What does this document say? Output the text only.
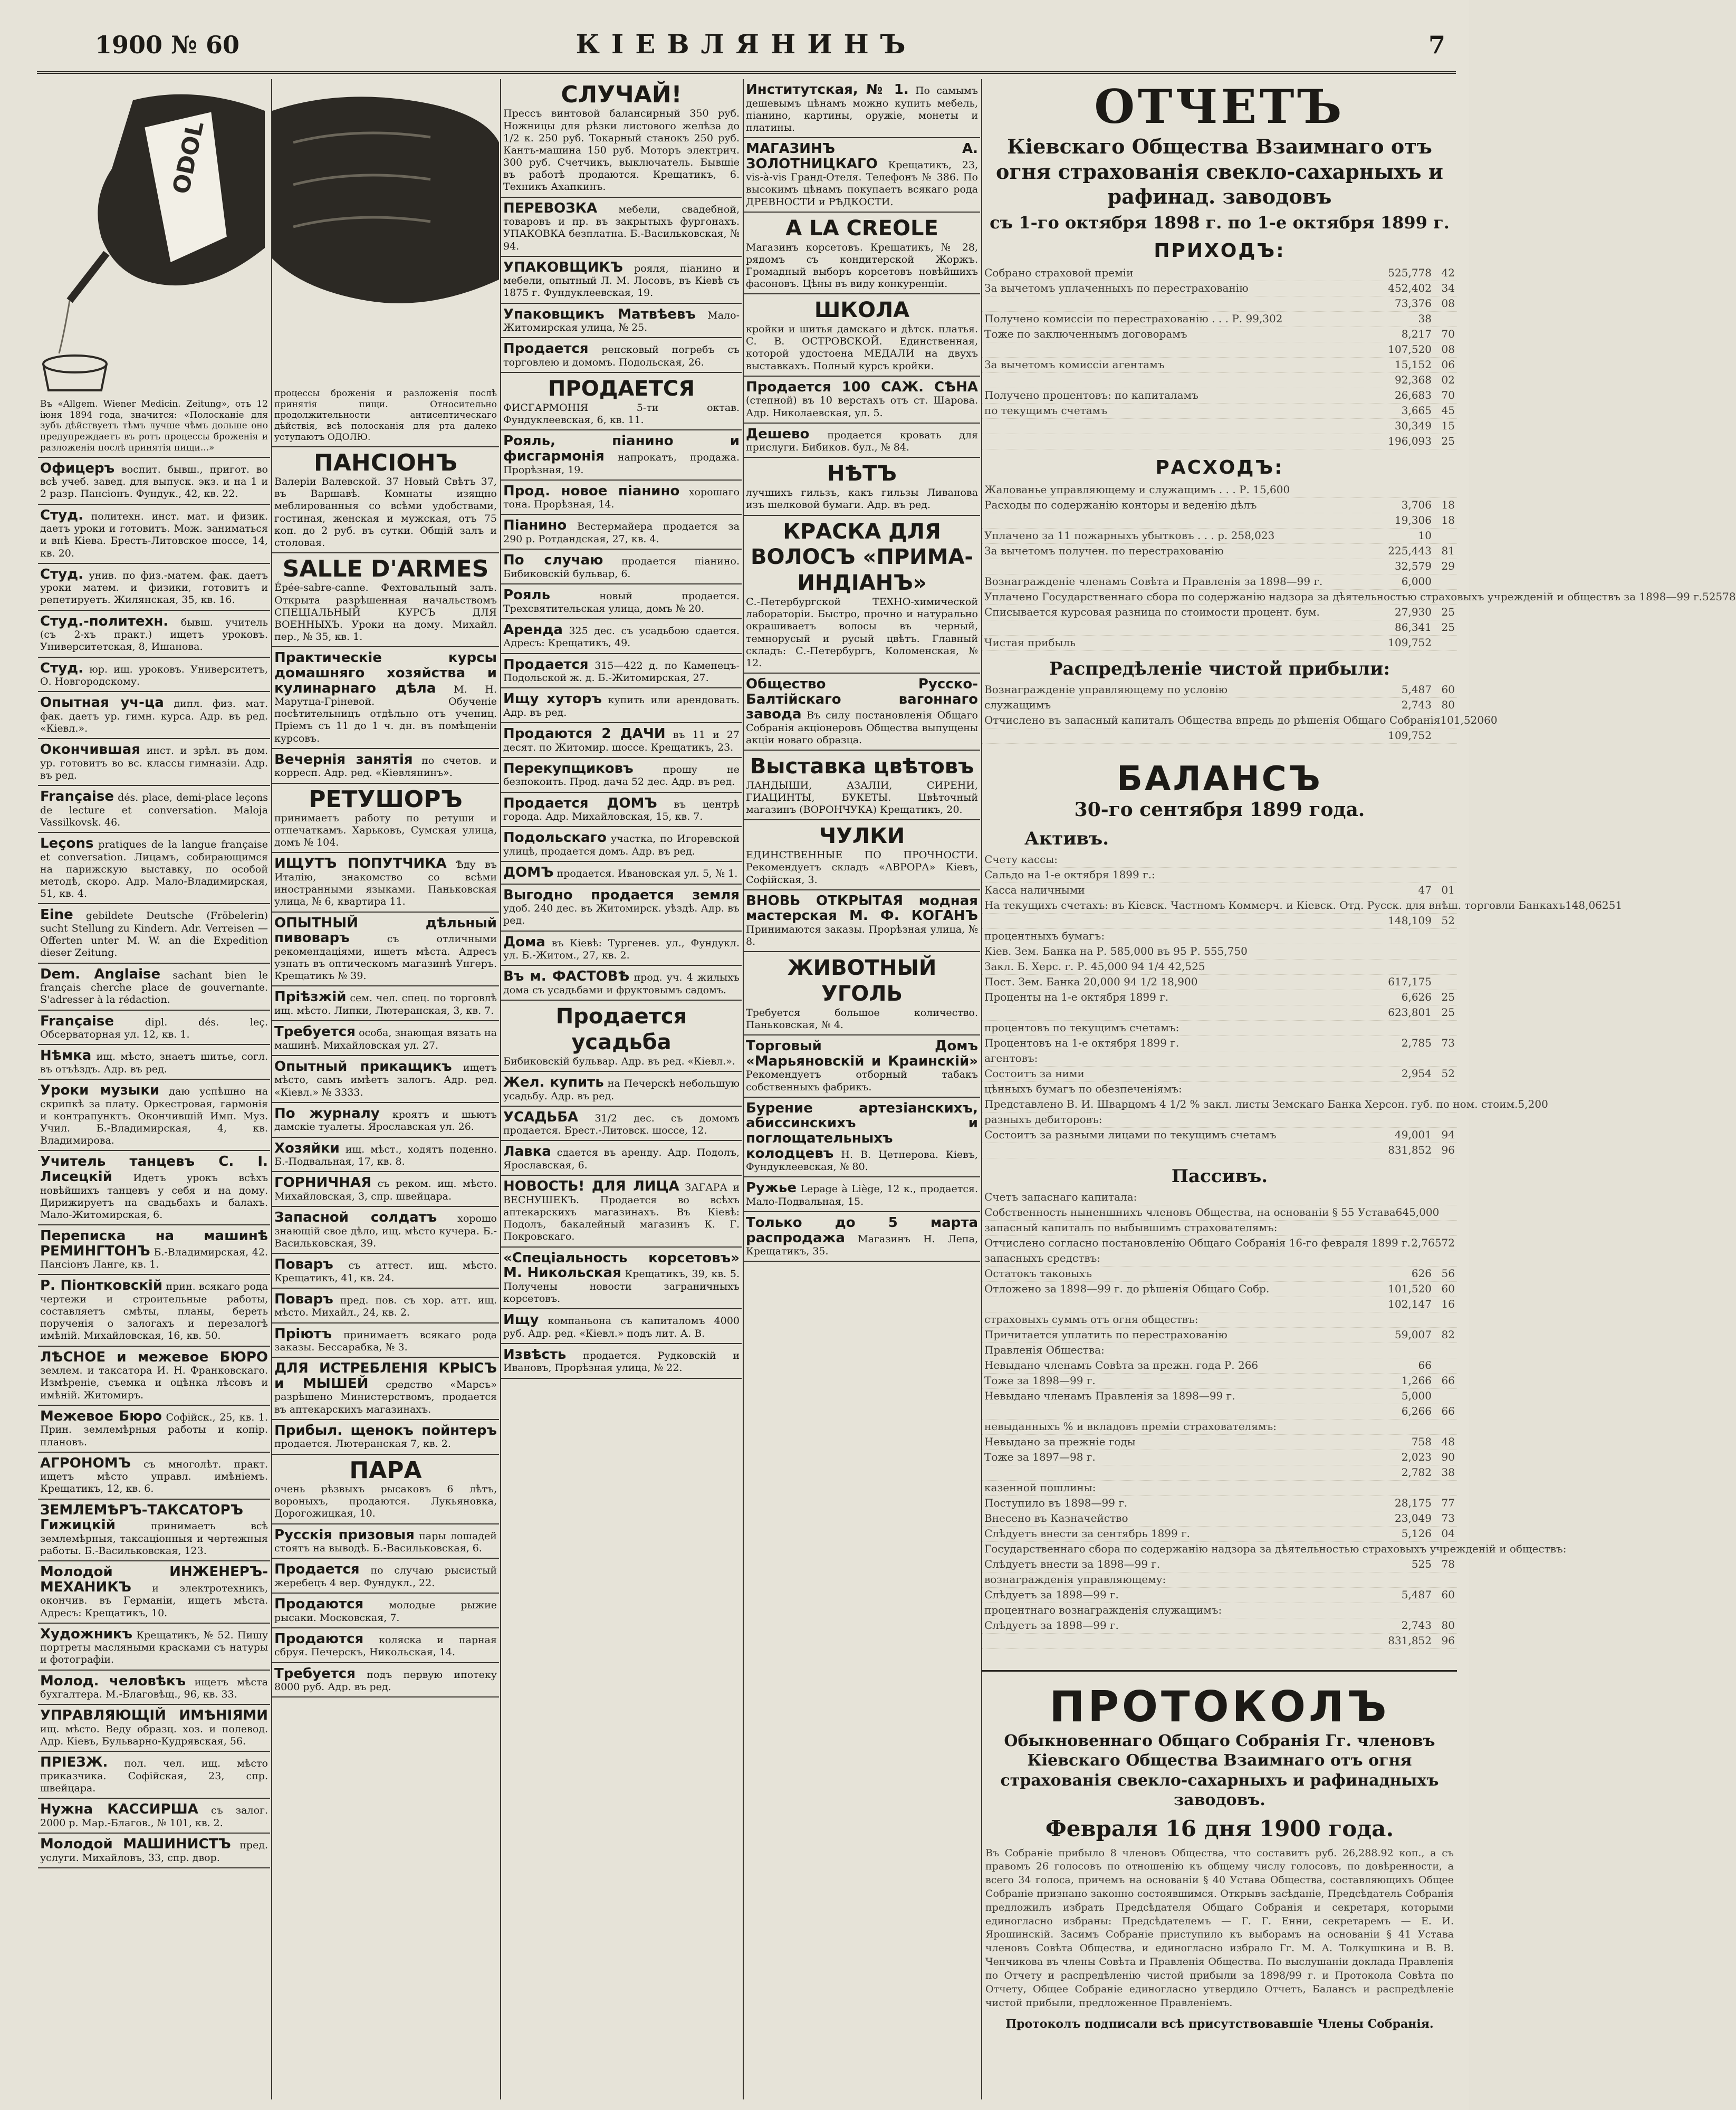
1900 № 60	КIЕВЛЯНИНЪ	7
ODOL
Въ «Allgem. Wiener Medicin. Zeitung», отъ 12 iюня 1894 года, значится: «Полосканiе для зубъ дѣйствуетъ тѣмъ лучше чѣмъ дольше оно предупреждаетъ въ ротъ процессы броженiя и разложенiя послѣ принятiя пищи...»
Офицеръ воспит. бывш., пригот. во всѣ учеб. завед. для выпуск. экз. и на 1 и 2 разр. Пансiонъ. Фундук., 42, кв. 22.
Студ. политехн. инст. мат. и физик. даетъ уроки и готовитъ. Мож. заниматься и внѣ Кiева. Брестъ-Литовское шоссе, 14, кв. 20.
Студ. унив. по физ.-матем. фак. даетъ уроки матем. и физики, готовитъ и репетируетъ. Жилянская, 35, кв. 16.
Студ.-политехн. бывш. учитель (съ 2-хъ практ.) ищетъ уроковъ. Университетская, 8, Ишанова.
Студ. юр. ищ. уроковъ. Университетъ, О. Новгородскому.
Опытная уч-ца дипл. физ. мат. фак. даетъ ур. гимн. курса. Адр. въ ред. «Кiевл.».
Окончившая инст. и зрѣл. въ дом. ур. готовитъ во вс. классы гимназiи. Адр. въ ред.
Française dés. place, demi-place leçons de lecture et conversation. Maloja Vassilkovsk. 46.
Leçons pratiques de la langue française et conversation. Лицамъ, собирающимся на парижскую выставку, по особой методѣ, скоро. Адр. Мало-Владимирская, 51, кв. 4.
Eine gebildete Deutsche (Fröbelerin) sucht Stellung zu Kindern. Adr. Verreisen — Offerten unter M. W. an die Expedition dieser Zeitung.
Dem. Anglaise sachant bien le français cherche place de gouvernante. S'adresser à la rédaction.
Française	dipl. dés. leç. Обсерваторная ул. 12, кв. 1.
Нѣмка ищ. мѣсто, знаетъ шитье, согл. въ отъѣздъ. Адр. въ ред.
Уроки музыки даю успѣшно на скрипкѣ за плату. Оркестровая, гармонiя и контрапунктъ. Окончившiй Имп. Муз. Учил. Б.-Владимирская, 4, кв. Владимирова.
Учитель танцевъ С. I. Лисецкiй Идетъ урокъ всѣхъ новѣйшихъ танцевъ у себя и на дому. Дирижируетъ на свадьбахъ и балахъ. Мало-Житомирская, 6.
Переписка на машинѣ РЕМИНГТОНЪ Б.-Владимирская, 42. Пансiонъ Ланге, кв. 1.
Р. Пiонтковскiй прин. всякаго рода чертежи и строительные работы, составляетъ смѣты, планы, береть порученiя о залогахъ и перезалогѣ имѣнiй. Михайловская, 16, кв. 50.
ЛѢСНОЕ и межевое БЮРО землем. и таксатора И. Н. Франковскаго. Измѣренiе, съемка и оцѣнка лѣсовъ и имѣнiй. Житомиръ.
Межевое Бюро Софiйск., 25, кв. 1. Прин. землемѣрныя работы и копiр. плановъ.
АГРОНОМЪ съ многолѣт. практ. ищетъ мѣсто управл. имѣнiемъ. Крещатикъ, 12, кв. 6.
ЗЕМЛЕМѢРЪ-ТАКСАТОРЪ Гижицкiй	принимаетъ всѣ землемѣрныя, таксацiонныя и чертежныя работы. Б.-Васильковская, 123.
Молодой ИНЖЕНЕРЪ-МЕХАНИКЪ и электротехникъ, окончив. въ Германiи, ищетъ мѣста. Адресъ: Крещатикъ, 10.
Художникъ Крещатикъ, № 52. Пишу портреты масляными красками съ натуры и фотографiи.
Молод. человѣкъ ищетъ мѣста бухгалтера. М.-Благовѣщ., 96, кв. 33.
УПРАВЛЯЮЩIЙ ИМѢНIЯМИ ищ. мѣсто. Веду образц. хоз. и полевод. Адр. Кiевъ, Бульварно-Кудрявская, 56.
ПРIЕЗЖ. пол. чел. ищ. мѣсто приказчика. Софiйская, 23, спр. швейцара.
Нужна КАССИРША съ залог. 2000 р. Мар.-Благов., № 101, кв. 2.
Молодой МАШИНИСТЪ пред. услуги. Михайловъ, 33, спр. двор.
процессы броженiя и разложенiя послѣ принятiя пищи. Относительно продолжительности антисептическаго дѣйствiя, всѣ полосканiя для рта далеко уступаютъ ОДОЛЮ.
ПАНСIОНЪ
Валерiи Валевской. 37 Новый Свѣтъ 37, въ Варшавѣ. Комнаты изящно меблированныя со всѣми удобствами, гостиная, женская и мужская, отъ 75 коп. до 2 руб. въ сутки. Общiй залъ и столовая.
SALLE D'ARMES
Épée-sabre-canne. Фехтовальный залъ. Открыта разрѣшенная начальствомъ СПЕЦIАЛЬНЫЙ КУРСЪ ДЛЯ ВОЕННЫХЪ. Уроки на дому. Михайл. пер., № 35, кв. 1.
Практическiе курсы домашняго хозяйства и кулинарнаго дѣла М. Н. Марутца-Грiневой. Обученiе посѣтительницъ отдѣльно отъ учениц. Прiемъ съ 11 до 1 ч. дн. въ помѣщенiи курсовъ.
Вечернiя занятiя по счетов. и корресп. Адр. ред. «Кiевлянинъ».
РЕТУШОРЪ
принимаетъ работу по ретуши и отпечаткамъ. Харьковъ, Сумская улица, домъ № 104.
ИЩУТЪ ПОПУТЧИКА Ѣду въ Италiю, знакомство со всѣми иностранными языками. Паньковская улица, № 6, квартира 11.
ОПЫТНЫЙ дѣльный пивоваръ	съ отличными рекомендацiями, ищетъ мѣста. Адресъ узнать въ оптическомъ магазинѣ Унгеръ. Крещатикъ № 39.
Прiѣзжiй сем. чел. спец. по торговлѣ ищ. мѣсто. Липки, Лютеранская, 3, кв. 7.
Требуется особа, знающая вязать на машинѣ. Михайловская ул. 27.
Опытный прикащикъ ищетъ мѣсто, самъ имѣетъ залогъ. Адр. ред. «Кiевл.» № 3333.
По журналу кроятъ и шьютъ дамскiе туалеты. Ярославская ул. 26.
Хозяйки ищ. мѣст., ходятъ поденно. Б.-Подвальная, 17, кв. 8.
ГОРНИЧНАЯ съ реком. ищ. мѣсто. Михайловская, 3, спр. швейцара.
Запасной солдатъ хорошо знающiй свое дѣло, ищ. мѣсто кучера. Б.-Васильковская, 39.
Поваръ съ аттест. ищ. мѣсто. Крещатикъ, 41, кв. 24.
Поваръ пред. пов. съ хор. атт. ищ. мѣсто. Михайл., 24, кв. 2.
Прiютъ принимаетъ всякаго рода заказы. Бессарабка, № 3.
ДЛЯ ИСТРЕБЛЕНIЯ КРЫСЪ и МЫШЕЙ средство «Марсъ» разрѣшено Министерствомъ, продается въ аптекарскихъ магазинахъ.
Прибыл. щенокъ пойнтеръ продается. Лютеранская 7, кв. 2.
ПАРА
очень рѣзвыхъ рысаковъ 6 лѣтъ, вороныхъ, продаются. Лукьяновка, Дорогожицкая, 10.
Русскiя призовыя пары лошадей стоятъ на выводѣ. Б.-Васильковская, 6.
Продается по случаю рысистый жеребецъ 4 вер. Фундукл., 22.
Продаются	молодые рыжие рысаки. Московская, 7.
Продаются коляска и парная сбруя. Печерскъ, Никольская, 14.
Требуется подъ первую ипотеку 8000 руб. Адр. въ ред.
СЛУЧАЙ!
Прессъ винтовой балансирный 350 руб. Ножницы для рѣзки листового желѣза до 1/2 к. 250 руб. Токарный станокъ 250 руб. Кантъ-машина 150 руб. Моторъ электрич. 300 руб. Счетчикъ, выключатель. Бывшiе въ работѣ продаются. Крещатикъ, 6. Техникъ Ахапкинъ.
ПЕРЕВОЗКА мебели, свадебной, товаровъ и пр. въ закрытыхъ фургонахъ. УПАКОВКА безплатна. Б.-Васильковская, № 94.
УПАКОВЩИКЪ рояля, пiанино и мебели, опытный Л. М. Лосовъ, въ Кiевѣ съ 1875 г. Фундуклеевская, 19.
Упаковщикъ Матвѣевъ Мало-Житомирская улица, № 25.
Продается ренсковый погребъ съ торговлею и домомъ. Подольская, 26.
ПРОДАЕТСЯ
ФИСГАРМОНIЯ 5-ти октав. Фундуклеевская, 6, кв. 11.
Рояль, пiанино и фисгармонiя напрокатъ, продажа. Прорѣзная, 19.
Прод. новое пiанино хорошаго тона. Прорѣзная, 14.
Пiанино Вестермайера продается за 290 р. Ротдандская, 27, кв. 4.
По случаю продается пiанино. Бибиковскiй бульвар, 6.
Рояль	новый продается. Трехсвятительская улица, домъ № 20.
Аренда 325 дес. съ усадьбою сдается. Адресъ: Крещатикъ, 49.
Продается 315—422 д. по Каменецъ-Подольской ж. д. Б.-Житомирская, 27.
Ищу хуторъ купить или арендовать. Адр. въ ред.
Продаются 2 ДАЧИ въ 11 и 27 десят. по Житомир. шоссе. Крещатикъ, 23.
Перекупщиковъ	прошу не безпокоить. Прод. дача 52 дес. Адр. въ ред.
Продается ДОМЪ въ центрѣ города. Адр. Михайловская, 15, кв. 7.
Подольскаго участка, по Игоревской улицѣ, продается домъ. Адр. въ ред.
ДОМЪ продается. Ивановская ул. 5, № 1.
Выгодно продается земля удоб. 240 дес. въ Житомирск. уѣздѣ. Адр. въ ред.
Дома въ Кiевѣ: Тургенев. ул., Фундукл. ул. Б.-Житом., 27, кв. 2.
Въ м. ФАСТОВѢ прод. уч. 4 жилыхъ дома съ усадьбами и фруктовымъ садомъ.
Продается усадьба
Бибиковскiй бульвар. Адр. въ ред. «Кiевл.».
Жел. купить на Печерскѣ небольшую усадьбу. Адр. въ ред.
УСАДЬБА 31/2 дес. съ домомъ продается. Брест.-Литовск. шоссе, 12.
Лавка сдается въ аренду. Адр. Подолъ, Ярославская, 6.
НОВОСТЬ! ДЛЯ ЛИЦА ЗАГАРА и ВЕСНУШЕКЪ. Продается во всѣхъ аптекарскихъ магазинахъ. Въ Кiевѣ: Подолъ, бакалейный магазинъ К. Г. Покровскаго.
«Спецiальность корсетовъ» М. Никольская Крещатикъ, 39, кв. 5. Получены новости заграничныхъ корсетовъ.
Ищу компаньона съ капиталомъ 4000 руб. Адр. ред. «Кiевл.» подъ лит. А. В.
Извѣсть продается. Рудковскiй и Ивановъ, Прорѣзная улица, № 22.
Институтская, № 1. По самымъ дешевымъ цѣнамъ можно купить мебель, пiанино, картины, оружiе, монеты и платины.
МАГАЗИНЪ А. ЗОЛОТНИЦКАГО Крещатикъ, 23, vis-à-vis Гранд-Отеля. Телефонъ № 386. По высокимъ цѣнамъ покупаетъ всякаго рода ДРЕВНОСТИ и РѢДКОСТИ.
A LA CREOLE
Магазинъ корсетовъ. Крещатикъ, № 28, рядомъ съ кондитерской Жоржъ. Громадный выборъ корсетовъ новѣйшихъ фасоновъ. Цѣны въ виду конкуренцiи.
ШКОЛА
кройки и шитья дамскаго и дѣтск. платья. С. В. ОСТРОВСКОЙ. Единственная, которой удостоена МЕДАЛИ на двухъ выставкахъ. Полный курсъ кройки.
Продается 100 САЖ. СѢНА (степной) въ 10 верстахъ отъ ст. Шарова. Адр. Николаевская, ул. 5.
Дешево продается кровать для прислуги. Бибиков. бул., № 84.
НѢТЪ
лучшихъ гильзъ, какъ гильзы Ливанова изъ шелковой бумаги. Адр. въ ред.
КРАСКА ДЛЯ ВОЛОСЪ «ПРИМА-ИНДIАНЪ»
С.-Петербургской ТЕХНО-химической лабораторiи. Быстро, прочно и натурально окрашиваетъ волосы въ черный, темнорусый и русый цвѣтъ. Главный складъ: С.-Петербургъ, Коломенская, № 12.
Общество Русско-Балтiйскаго вагоннаго завода Въ силу постановленiя Общаго Собранiя акцiонеровъ Общества выпущены акцiи новаго образца.
Выставка цвѣтовъ
ЛАНДЫШИ, АЗАЛIИ, СИРЕНИ, ГИАЦИНТЫ, БУКЕТЫ. Цвѣточный магазинъ (ВОРОНЧУКА) Крещатикъ, 20.
ЧУЛКИ
ЕДИНСТВЕННЫЕ ПО ПРОЧНОСТИ. Рекомендуетъ складъ «АВРОРА» Кiевъ, Софiйская, 3.
ВНОВЬ ОТКРЫТАЯ модная мастерская М. Ф. КОГАНЪ Принимаются заказы. Прорѣзная улица, № 8.
ЖИВОТНЫЙ УГОЛЬ
Требуется большое количество. Паньковская, № 4.
Торговый Домъ «Марьяновскiй и Краинскiй» Рекомендуетъ отборный табакъ собственныхъ фабрикъ.
Бурение артезiанскихъ, абиссинскихъ и поглощательныхъ колодцевъ Н. В. Цетнерова. Кiевъ, Фундуклеевская, № 80.
Ружье Lepage à Liège, 12 к., продается. Мало-Подвальная, 15.
Только до 5 марта распродажа Магазинъ Н. Лепа, Крещатикъ, 35.
ОТЧЕТЪ
Кiевскаго Общества Взаимнаго отъ огня страхованiя свекло-сахарныхъ и рафинад. заводовъ
съ 1-го октября 1898 г. по 1-е октября 1899 г.
ПРИХОДЪ:
Собрано страховой премiи	525,778 42
За вычетомъ уплаченныхъ по перестрахованiю	452,402 34
73,376 08
Получено комиссiи по перестрахованiю . . . Р. 99,302	38
Тоже по заключеннымъ договорамъ	8,217 70
107,520 08
За вычетомъ комиссiи агентамъ	15,152 06
92,368 02
Получено процентовъ: по капиталамъ	26,683 70
по текущимъ счетамъ	3,665 45
30,349 15
196,093 25
РАСХОДЪ:
Жалованье управляющему и служащимъ . . . Р. 15,600
Расходы по содержанiю конторы и веденiю дѣлъ	3,706 18
19,306 18
Уплачено за 11 пожарныхъ убытковъ . . . р. 258,023	10
За вычетомъ получен. по перестрахованiю	225,443 81
32,579 29
Вознагражденiе членамъ Совѣта и Правленiя за 1898—99 г.	6,000
Уплачено Государственнаго сбора по содержанiю надзора за дѣятельностью страховыхъ учрежденiй и обществъ за 1898—99 г. 525 78
Списывается курсовая разница по стоимости процент. бум.	27,930 25
86,341 25
Чистая прибыль	109,752
Распредѣленiе чистой прибыли:
Вознагражденiе управляющему по условiю	5,487 60
служащимъ	2,743 80
Отчислено въ запасный капиталъ Общества впредь до рѣшенiя Общаго Собранiя 101,520 60
109,752
БАЛАНСЪ
30-го сентября 1899 года.
Активъ.
Счету кассы:
Сальдо на 1-е октября 1899 г.:
Касса наличными	47 01
На текущихъ счетахъ: въ Кiевск. Частномъ Коммерч. и Кiевск. Отд. Русск. для внѣш. торговли Банкахъ 148,062 51
148,109 52
процентныхъ бумагъ:
Кiев. Зем. Банка на Р. 585,000 въ 95 Р. 555,750
Закл. Б. Херс. г. Р. 45,000 94 1/4 42,525
Пост. Зем. Банка 20,000 94 1/2 18,900	617,175
Проценты на 1-е октября 1899 г.	6,626 25
623,801 25
процентовъ по текущимъ счетамъ:
Процентовъ на 1-е октября 1899 г.	2,785 73
агентовъ:
Состоитъ за ними	2,954 52
цѣнныхъ бумагъ по обезпеченiямъ:
Представлено В. И. Шварцомъ 4 1/2 % закл. листы Земскаго Банка Херсон. губ. по ном. стоим. 5,200
разныхъ дебиторовъ:
Состоитъ за разными лицами по текущимъ счетамъ	49,001 94
831,852 96
Пассивъ.
Счетъ запаснаго капитала:
Собственность ныненшнихъ членовъ Общества, на основанiи § 55 Устава 645,000
запасный капиталъ по выбывшимъ страхователямъ:
Отчислено согласно постановленiю Общаго Собранiя 16-го февраля 1899 г. 2,765 72
запасныхъ средствъ:
Остатокъ таковыхъ	626 56
Отложено за 1898—99 г. до рѣшенiя Общаго Собр.	101,520 60
102,147 16
страховыхъ суммъ отъ огня обществъ:
Причитается уплатить по перестрахованiю	59,007 82
Правленiя Общества:
Невыдано членамъ Совѣта за прежн. года Р. 266	66
Тоже за 1898—99 г.	1,266 66
Невыдано членамъ Правленiя за 1898—99 г.	5,000
6,266 66
невыданныхъ % и вкладовъ премiи страхователямъ:
Невыдано за прежнiе годы	758 48
Тоже за 1897—98 г.	2,023 90
2,782 38
казенной пошлины:
Поступило въ 1898—99 г.	28,175 77
Внесено въ Казначейство	23,049 73
Слѣдуетъ внести за сентябрь 1899 г.	5,126 04
Государственнаго сбора по содержанiю надзора за дѣятельностью страховыхъ учрежденiй и обществъ:
Слѣдуетъ внести за 1898—99 г.	525 78
вознагражденiя управляющему:
Слѣдуетъ за 1898—99 г.	5,487 60
процентнаго вознагражденiя служащимъ:
Слѣдуетъ за 1898—99 г.	2,743 80
831,852 96
ПРОТОКОЛЪ
Обыкновеннаго Общаго Собранiя Гг. членовъ Кiевскаго Общества Взаимнаго отъ огня страхованiя свекло-сахарныхъ и рафинадныхъ заводовъ.
Февраля 16 дня 1900 года.
Въ Собранiе прибыло 8 членовъ Общества, что составитъ руб. 26,288.92 коп., а съ правомъ 26 голосовъ по отношенiю къ общему числу голосовъ, по довѣренности, а всего 34 голоса, причемъ на основанiи § 40 Устава Общества, составляющихъ Общее Собранiе признано законно состоявшимся. Открывъ засѣданiе, Предсѣдатель Собранiя предложилъ избрать Предсѣдателя Общаго Собранiя и секретаря, которыми единогласно избраны: Предсѣдателемъ — Г. Г. Енни, секретаремъ — Е. И. Ярошинскiй. Засимъ Собранiе приступило къ выборамъ на основанiи § 41 Устава членовъ Совѣта Общества, и единогласно избрало Гг. М. А. Толкушкина и В. В. Ченчикова въ члены Совѣта и Правленiя Общества. По выслушанiи доклада Правленiя по Отчету и распредѣленiю чистой прибыли за 1898/99 г. и Протокола Совѣта по Отчету, Общее Собранiе единогласно утвердило Отчетъ, Балансъ и распредѣленiе чистой прибыли, предложенное Правленiемъ.
Протоколъ подписали всѣ присутствовавшiе Члены Собранiя.
